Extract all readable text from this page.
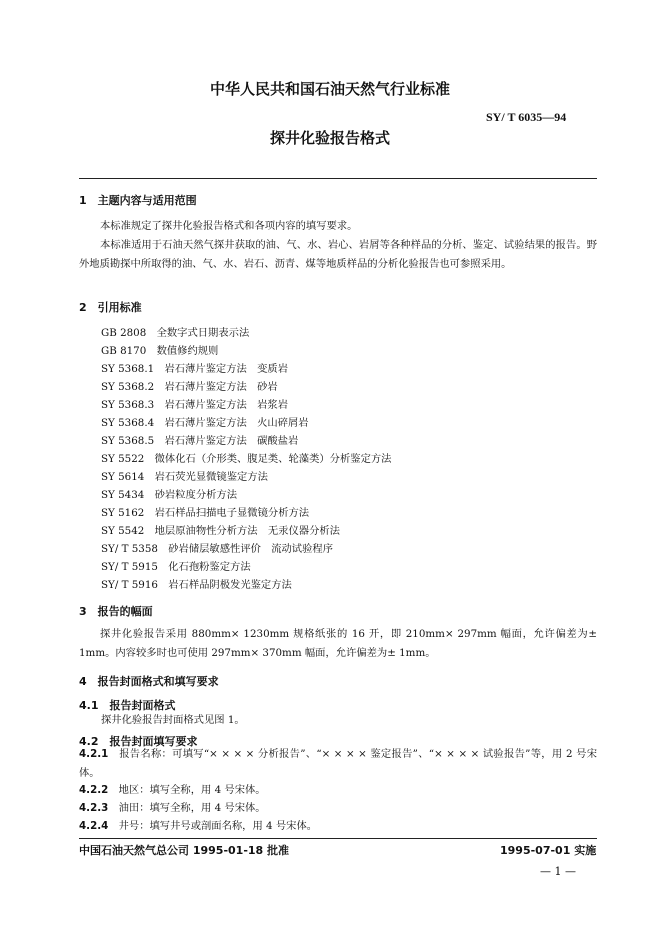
中华人民共和国石油天然气行业标准
SY/ T 6035—94
探井化验报告格式
1　 主题内容与适用范围
本标准规定了探井化验报告格式和各项内容的填写要求。
本标准适用于石油天然气探井获取的油、气、水、岩心、岩屑等各种样品的分析、鉴定、试验结果的报告。野外地质勘探中所取得的油、气、水、岩石、沥青、煤等地质样品的分析化验报告也可参照采用。
2　 引用标准
GB 2808　全数字式日期表示法
GB 8170　数值修约规则
SY 5368.1　岩石薄片鉴定方法　变质岩
SY 5368.2　岩石薄片鉴定方法　砂岩
SY 5368.3　岩石薄片鉴定方法　岩浆岩
SY 5368.4　岩石薄片鉴定方法　火山碎屑岩
SY 5368.5　岩石薄片鉴定方法　碳酸盐岩
SY 5522　微体化石（介形类、腹足类、轮藻类）分析鉴定方法
SY 5614　岩石荧光显微镜鉴定方法
SY 5434　砂岩粒度分析方法
SY 5162　岩石样品扫描电子显微镜分析方法
SY 5542　地层原油物性分析方法　无汞仪器分析法
SY/ T 5358　砂岩储层敏感性评价　流动试验程序
SY/ T 5915　化石孢粉鉴定方法
SY/ T 5916　岩石样品阴极发光鉴定方法
3　 报告的幅面
探井化验报告采用 880mm× 1230mm 规格纸张的 16 开，即 210mm× 297mm 幅面，允许偏差为± 1mm。内容较多时也可使用 297mm× 370mm 幅面，允许偏差为± 1mm。
4　 报告封面格式和填写要求
4.1　 报告封面格式
探井化验报告封面格式见图 1。
4.2　 报告封面填写要求
4.2.1　 报告名称：可填写“× × × × 分析报告”、“× × × × 鉴定报告”、“× × × × 试验报告”等，用 2 号宋体。
4.2.2　 地区：填写全称，用 4 号宋体。
4.2.3　 油田：填写全称，用 4 号宋体。
4.2.4　 井号：填写井号或剖面名称，用 4 号宋体。
中国石油天然气总公司 1995-01-18 批准	1995-07-01 实施
— 1 —
